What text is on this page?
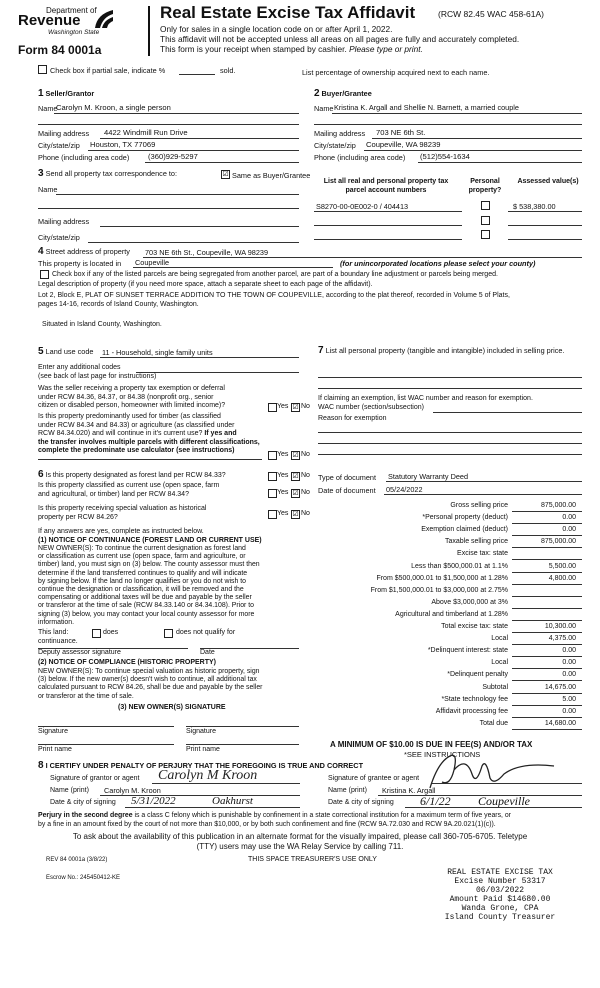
Department of
Revenue
Washington State
Form 84 0001a
Real Estate Excise Tax Affidavit	(RCW 82.45 WAC 458-61A)
Only for sales in a single location code on or after April 1, 2022.
This affidavit will not be accepted unless all areas on all pages are fully and accurately completed.
This form is your receipt when stamped by cashier. Please type or print.
Check box if partial sale, indicate %	sold.	List percentage of ownership acquired next to each name.
1 Seller/Grantor
Name
Carolyn M. Kroon, a single person
Mailing address 4422 Windmill Run Drive
City/state/zip Houston, TX 77069
Phone (including area code) (360)929-5297
2 Buyer/Grantee
Name Kristina K. Argall and Shellie N. Barnett, a married couple
Mailing address 703 NE 6th St.
City/state/zip Coupeville, WA 98239
Phone (including area code) (512)554-1634
3 Send all property tax correspondence to:	☑ Same as Buyer/Grantee
Name
Mailing address
City/state/zip
List all real and personal property tax parcel account numbers
Personal property?
Assessed value(s)
S8270-00-0E002-0 / 404413	$ 538,380.00
4 Street address of property 703 NE 6th St., Coupeville, WA 98239
This property is located in Coupeville	(for unincorporated locations please select your county)
Check box if any of the listed parcels are being segregated from another parcel, are part of a boundary line adjustment or parcels being merged.
Legal description of property (if you need more space, attach a separate sheet to each page of the affidavit).
Lot 2, Block E, PLAT OF SUNSET TERRACE ADDITION TO THE TOWN OF COUPEVILLE, according to the plat thereof, recorded in Volume 5 of Plats,
pages 14-16, records of Island County, Washington.
Situated in Island County, Washington.
5 Land use code 11 - Household, single family units
Enter any additional codes
(see back of last page for instructions)
Was the seller receiving a property tax exemption or deferral
under RCW 84.36, 84.37, or 84.38 (nonprofit org., senior
citizen or disabled person, homeowner with limited income)?	Yes ☑ No
Is this property predominantly used for timber (as classified
under RCW 84.34 and 84.33) or agriculture (as classified under
RCW 84.34.020) and will continue in it's current use? If yes and
the transfer involves multiple parcels with different classifications,
complete the predominate use calculator (see instructions)
Yes ☑ No
7 List all personal property (tangible and intangible) included in selling price.
If claiming an exemption, list WAC number and reason for exemption.
WAC number (section/subsection)
Reason for exemption
Type of document Statutory Warranty Deed
Date of document 05/24/2022
6 Is this property designated as forest land per RCW 84.33?	Yes ☑ No
Is this property classified as current use (open space, farm
and agricultural, or timber) land per RCW 84.34?	Yes ☑ No
Is this property receiving special valuation as historical
property per RCW 84.26?	Yes ☑ No
If any answers are yes, complete as instructed below.
(1) NOTICE OF CONTINUANCE (FOREST LAND OR CURRENT USE)
NEW OWNER(S): To continue the current designation as forest land
or classification as current use (open space, farm and agriculture, or
timber) land, you must sign on (3) below. The county assessor must then
determine if the land transferred continues to qualify and will indicate
by signing below. If the land no longer qualifies or you do not wish to
continue the designation or classification, it will be removed and the
compensating or additional taxes will be due and payable by the seller
or transferor at the time of sale (RCW 84.33.140 or 84.34.108). Prior to
signing (3) below, you may contact your local county assessor for more
information.
This land:	does	does not qualify for
continuance.
Deputy assessor signature	Date
(2) NOTICE OF COMPLIANCE (HISTORIC PROPERTY)
NEW OWNER(S): To continue special valuation as historic property, sign
(3) below. If the new owner(s) doesn't wish to continue, all additional tax
calculated pursuant to RCW 84.26, shall be due and payable by the seller
or transferor at the time of sale.
(3) NEW OWNER(S) SIGNATURE
Signature	Signature
Print name	Print name
Gross selling price	875,000.00
*Personal property (deduct)	0.00
Exemption claimed (deduct)	0.00
Taxable selling price	875,000.00
Excise tax: state
Less than $500,000.01 at 1.1%	5,500.00
From $500,000.01 to $1,500,000 at 1.28%	4,800.00
From $1,500,000.01 to $3,000,000 at 2.75%
Above $3,000,000 at 3%
Agricultural and timberland at 1.28%
Total excise tax: state	10,300.00
Local	4,375.00
*Delinquent interest: state	0.00
Local	0.00
*Delinquent penalty	0.00
Subtotal	14,675.00
*State technology fee	5.00
Affidavit processing fee	0.00
Total due	14,680.00
A MINIMUM OF $10.00 IS DUE IN FEE(S) AND/OR TAX
*SEE INSTRUCTIONS
8 I CERTIFY UNDER PENALTY OF PERJURY THAT THE FOREGOING IS TRUE AND CORRECT
Signature of grantor or agent Carolyn M Kroon
Name (print) Carolyn M. Kroon
Date & city of signing 5/31/2022	Oakhurst
Signature of grantee or agent
Name (print) Kristina K. Argall
Date & city of signing 6/1/22 Coupeville
Perjury in the second degree is a class C felony which is punishable by confinement in a state correctional institution for a maximum term of five years, or
by a fine in an amount fixed by the court of not more than $10,000, or by both such confinement and fine (RCW 9A.72.030 and RCW 9A.20.021(1)(c)).
To ask about the availability of this publication in an alternate format for the visually impaired, please call 360-705-6705. Teletype
(TTY) users may use the WA Relay Service by calling 711.
REV 84 0001a (3/8/22)	THIS SPACE TREASURER'S USE ONLY
Escrow No.: 245450412-KE
REAL ESTATE EXCISE TAX
Excise Number 53317
06/03/2022
Amount Paid $14680.00
Wanda Grone, CPA
Island County Treasurer
